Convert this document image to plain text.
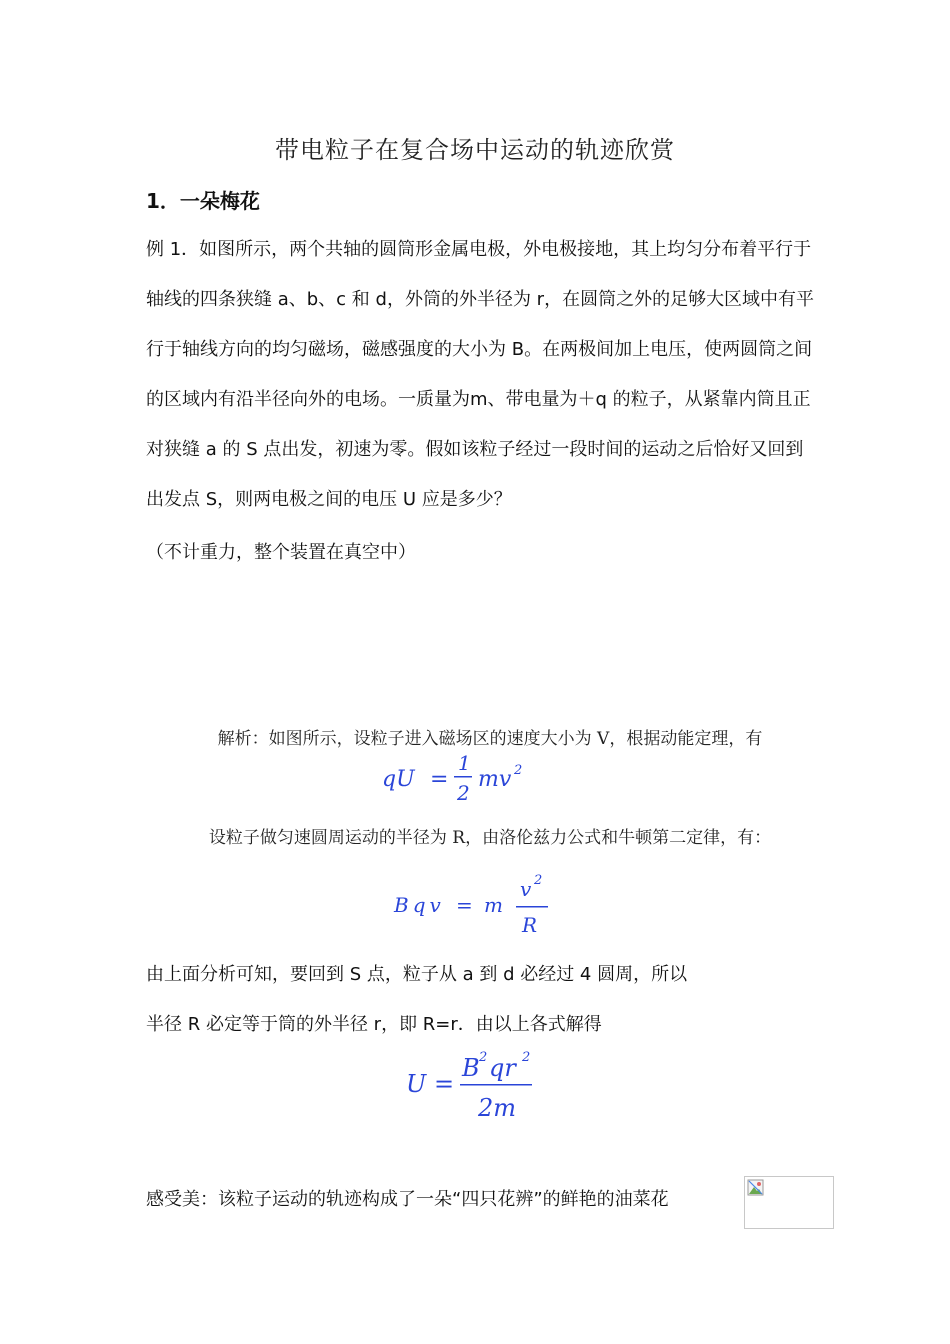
带电粒子在复合场中运动的轨迹欣赏
1．一朵梅花

例 1．如图所示，两个共轴的圆筒形金属电极，外电极接地，其上均匀分布着平行于轴线的四条狭缝 a、b、c 和 d，外筒的外半径为 r，在圆筒之外的足够大区域中有平行于轴线方向的均匀磁场，磁感强度的大小为 B。在两极间加上电压，使两圆筒之间的区域内有沿半径向外的电场。一质量为m、带电量为＋q 的粒子，从紧靠内筒且正对狭缝 a 的 S 点出发，初速为零。假如该粒子经过一段时间的运动之后恰好又回到出发点 S，则两电极之间的电压 U 应是多少？

（不计重力，整个装置在真空中）
解析：如图所示，设粒子进入磁场区的速度大小为 V，根据动能定理，有
qU =
1
2
mv 2
设粒子做匀速圆周运动的半径为 R，由洛伦兹力公式和牛顿第二定律，有：
Bqv = m
v 2
R
由上面分析可知，要回到 S 点，粒子从 a 到 d 必经过 4 圆周，所以
半径 R 必定等于筒的外半径 r，即 R=r．由以上各式解得
U =
B 2 qr 2
2m
感受美：该粒子运动的轨迹构成了一朵“四只花辨”的鲜艳的油菜花
